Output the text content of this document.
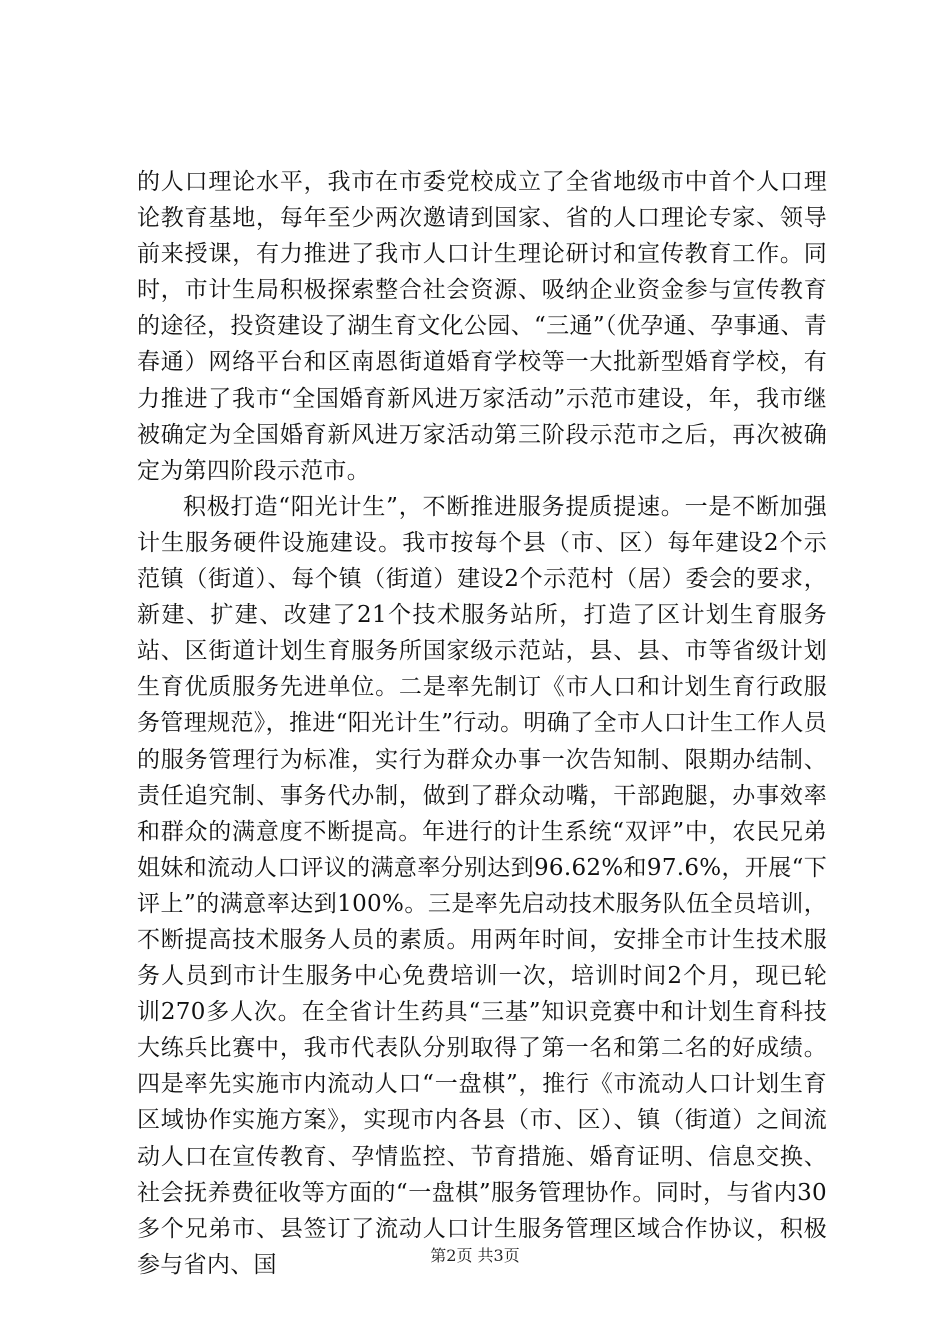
的人口理论水平，我市在市委党校成立了全省地级市中首个人口理论教育基地，每年至少两次邀请到国家、省的人口理论专家、领导前来授课，有力推进了我市人口计生理论研讨和宣传教育工作。同时，市计生局积极探索整合社会资源、吸纳企业资金参与宣传教育的途径，投资建设了湖生育文化公园、“三通”（优孕通、孕事通、青春通）网络平台和区南恩街道婚育学校等一大批新型婚育学校，有力推进了我市“全国婚育新风进万家活动”示范市建设，年，我市继被确定为全国婚育新风进万家活动第三阶段示范市之后，再次被确定为第四阶段示范市。

积极打造“阳光计生”，不断推进服务提质提速。一是不断加强计生服务硬件设施建设。我市按每个县（市、区）每年建设2个示范镇（街道）、每个镇（街道）建设2个示范村（居）委会的要求，新建、扩建、改建了21个技术服务站所，打造了区计划生育服务站、区街道计划生育服务所国家级示范站，县、县、市等省级计划生育优质服务先进单位。二是率先制订《市人口和计划生育行政服务管理规范》，推进“阳光计生”行动。明确了全市人口计生工作人员的服务管理行为标准，实行为群众办事一次告知制、限期办结制、责任追究制、事务代办制，做到了群众动嘴，干部跑腿，办事效率和群众的满意度不断提高。年进行的计生系统“双评”中，农民兄弟姐妹和流动人口评议的满意率分别达到96.62%和97.6%，开展“下评上”的满意率达到100%。三是率先启动技术服务队伍全员培训，不断提高技术服务人员的素质。用两年时间，安排全市计生技术服务人员到市计生服务中心免费培训一次，培训时间2个月，现已轮训270多人次。在全省计生药具“三基”知识竞赛中和计划生育科技大练兵比赛中，我市代表队分别取得了第一名和第二名的好成绩。四是率先实施市内流动人口“一盘棋”，推行《市流动人口计划生育区域协作实施方案》，实现市内各县（市、区）、镇（街道）之间流动人口在宣传教育、孕情监控、节育措施、婚育证明、信息交换、社会抚养费征收等方面的“一盘棋”服务管理协作。同时，与省内30多个兄弟市、县签订了流动人口计生服务管理区域合作协议，积极参与省内、国	第2页 共3页
